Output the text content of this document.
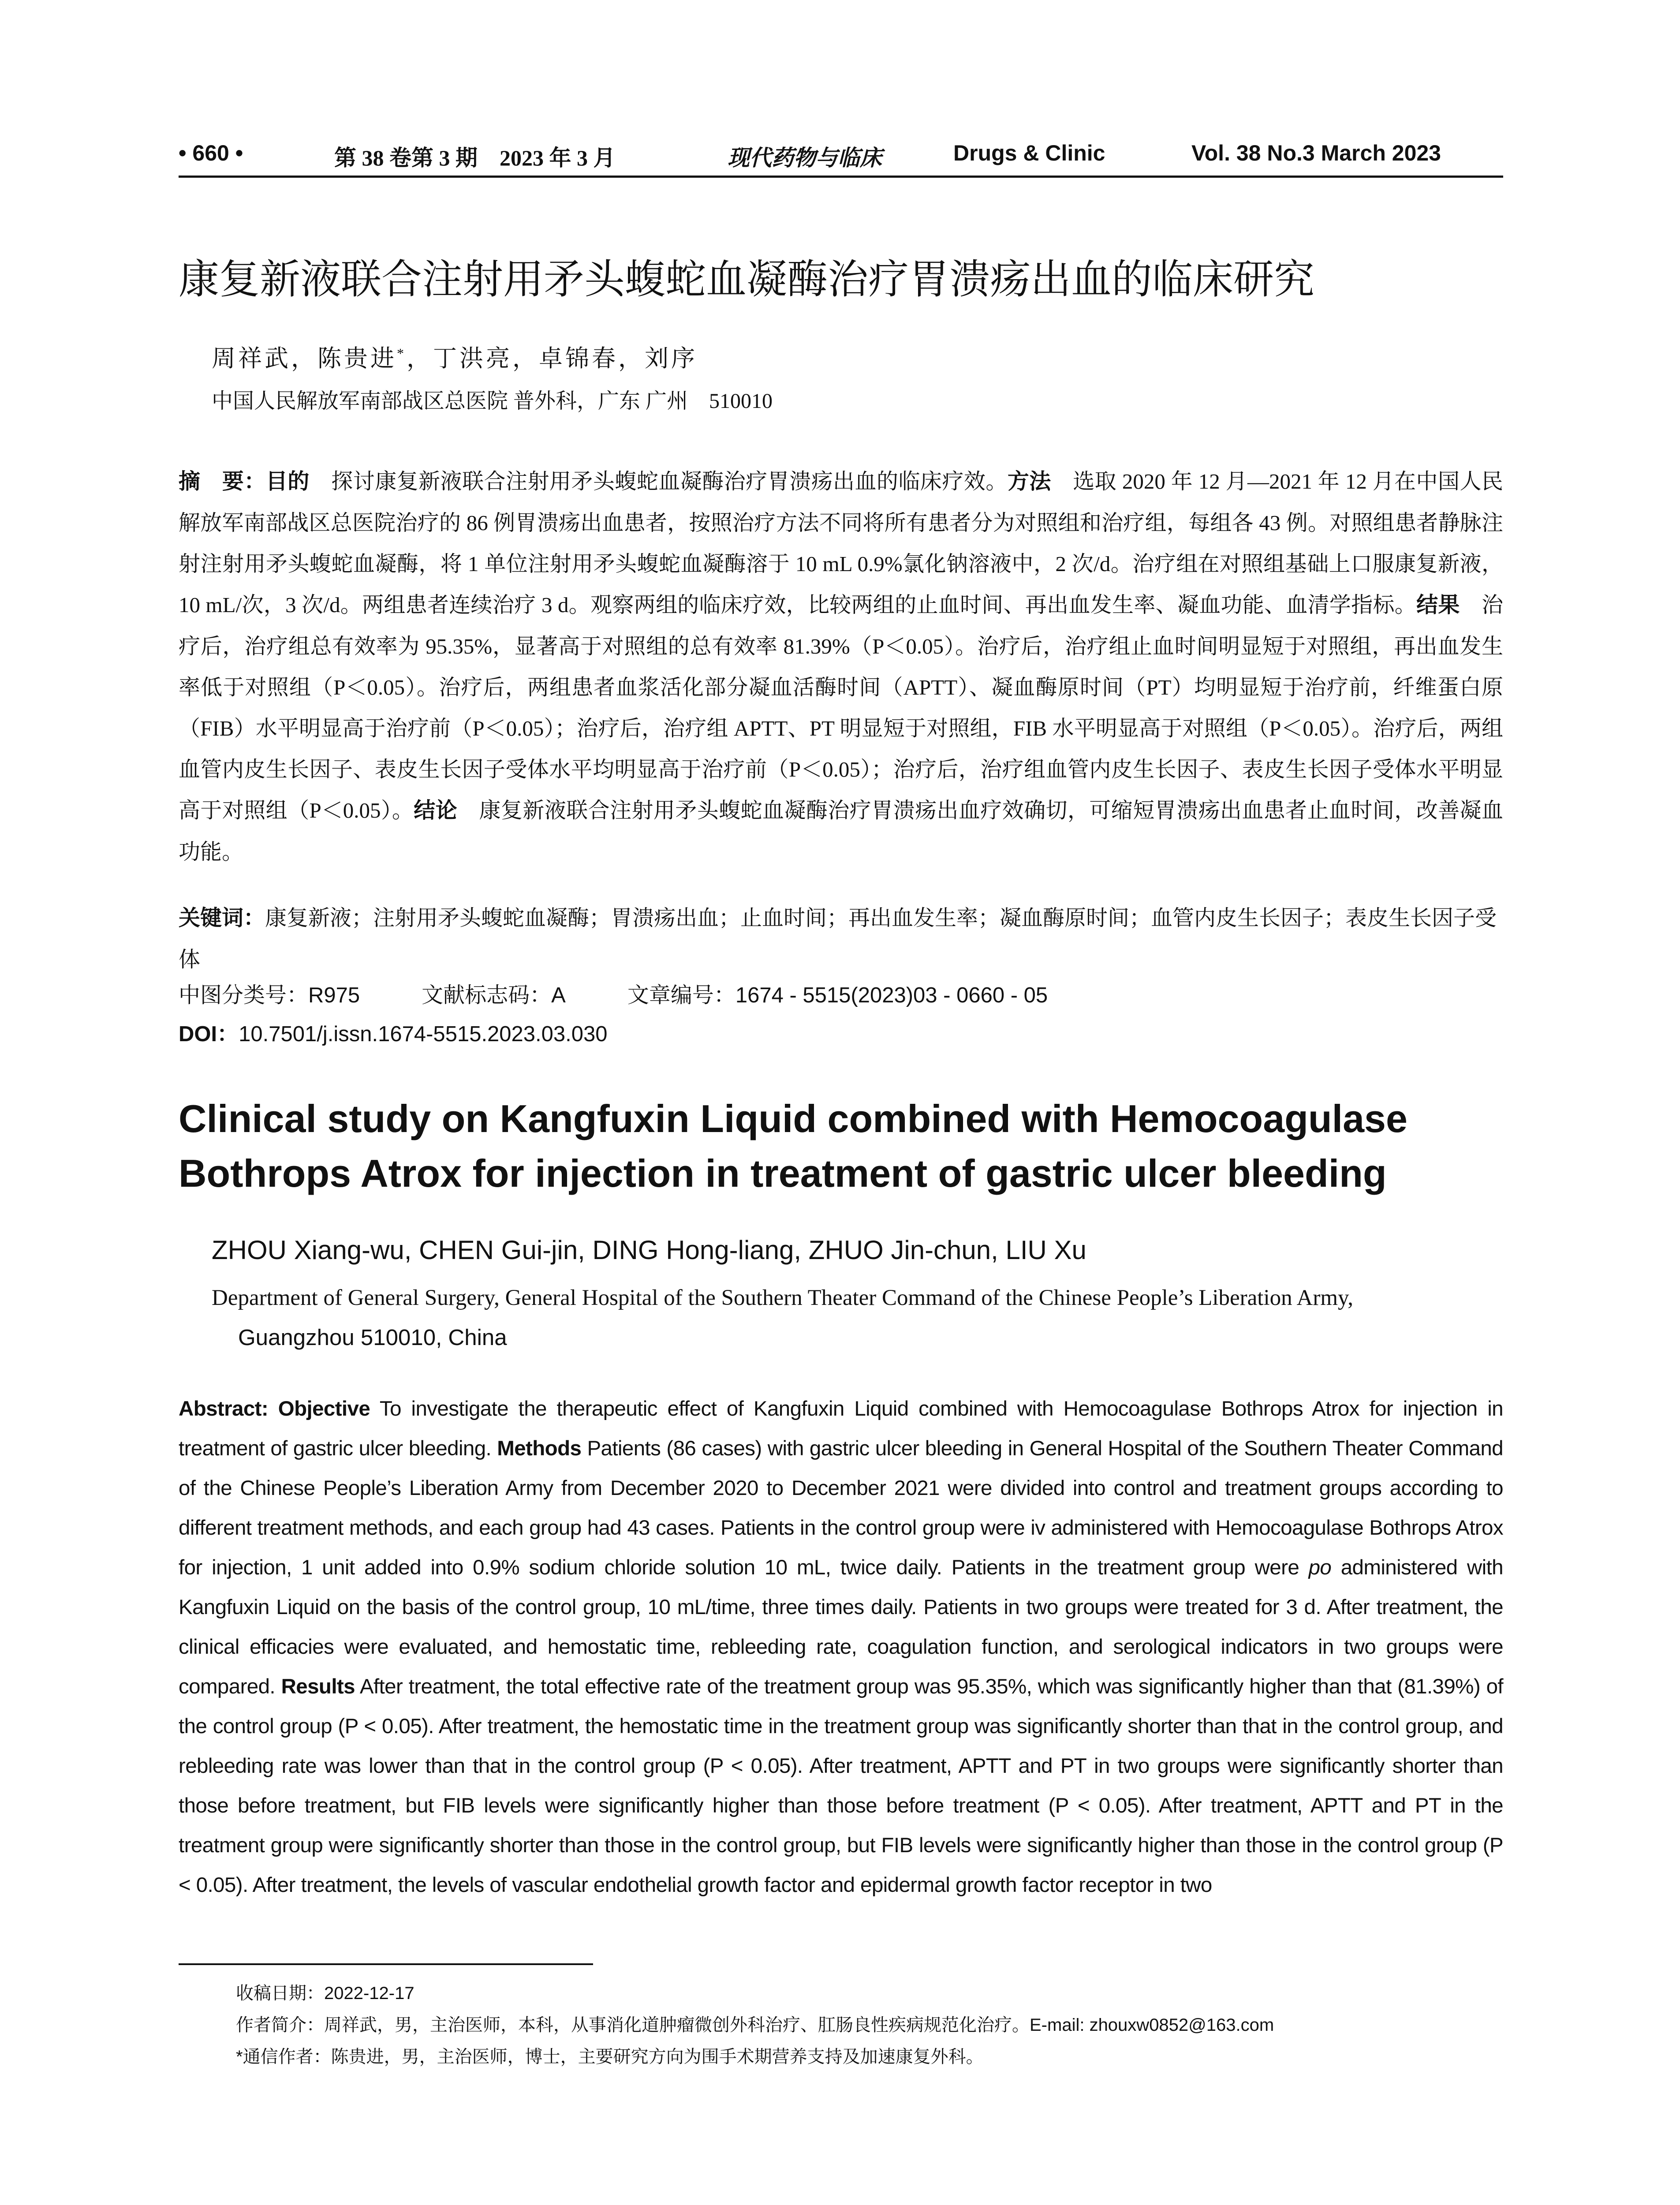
• 660 •	第 38 卷第 3 期　2023 年 3 月	现代药物与临床	Drugs & Clinic	Vol. 38 No.3 March 2023
康复新液联合注射用矛头蝮蛇血凝酶治疗胃溃疡出血的临床研究
周祥武，陈贵进*，丁洪亮，卓锦春，刘序
中国人民解放军南部战区总医院 普外科，广东 广州　510010
摘　要：目的　探讨康复新液联合注射用矛头蝮蛇血凝酶治疗胃溃疡出血的临床疗效。方法　选取 2020 年 12 月—2021 年 12 月在中国人民解放军南部战区总医院治疗的 86 例胃溃疡出血患者，按照治疗方法不同将所有患者分为对照组和治疗组，每组各 43 例。对照组患者静脉注射注射用矛头蝮蛇血凝酶，将 1 单位注射用矛头蝮蛇血凝酶溶于 10 mL 0.9%氯化钠溶液中，2 次/d。治疗组在对照组基础上口服康复新液，10 mL/次，3 次/d。两组患者连续治疗 3 d。观察两组的临床疗效，比较两组的止血时间、再出血发生率、凝血功能、血清学指标。结果　治疗后，治疗组总有效率为 95.35%，显著高于对照组的总有效率 81.39%（P＜0.05）。治疗后，治疗组止血时间明显短于对照组，再出血发生率低于对照组（P＜0.05）。治疗后，两组患者血浆活化部分凝血活酶时间（APTT）、凝血酶原时间（PT）均明显短于治疗前，纤维蛋白原（FIB）水平明显高于治疗前（P＜0.05）；治疗后，治疗组 APTT、PT 明显短于对照组，FIB 水平明显高于对照组（P＜0.05）。治疗后，两组血管内皮生长因子、表皮生长因子受体水平均明显高于治疗前（P＜0.05）；治疗后，治疗组血管内皮生长因子、表皮生长因子受体水平明显高于对照组（P＜0.05）。结论　康复新液联合注射用矛头蝮蛇血凝酶治疗胃溃疡出血疗效确切，可缩短胃溃疡出血患者止血时间，改善凝血功能。
关键词：康复新液；注射用矛头蝮蛇血凝酶；胃溃疡出血；止血时间；再出血发生率；凝血酶原时间；血管内皮生长因子；表皮生长因子受体
中图分类号：R975	文献标志码：A	文章编号：1674 - 5515(2023)03 - 0660 - 05
DOI：10.7501/j.issn.1674-5515.2023.03.030
Clinical study on Kangfuxin Liquid combined with Hemocoagulase Bothrops Atrox for injection in treatment of gastric ulcer bleeding
ZHOU Xiang-wu, CHEN Gui-jin, DING Hong-liang, ZHUO Jin-chun, LIU Xu
Department of General Surgery, General Hospital of the Southern Theater Command of the Chinese People’s Liberation Army,
Guangzhou 510010, China
Abstract: Objective To investigate the therapeutic effect of Kangfuxin Liquid combined with Hemocoagulase Bothrops Atrox for injection in treatment of gastric ulcer bleeding. Methods Patients (86 cases) with gastric ulcer bleeding in General Hospital of the Southern Theater Command of the Chinese People’s Liberation Army from December 2020 to December 2021 were divided into control and treatment groups according to different treatment methods, and each group had 43 cases. Patients in the control group were iv administered with Hemocoagulase Bothrops Atrox for injection, 1 unit added into 0.9% sodium chloride solution 10 mL, twice daily. Patients in the treatment group were po administered with Kangfuxin Liquid on the basis of the control group, 10 mL/time, three times daily. Patients in two groups were treated for 3 d. After treatment, the clinical efficacies were evaluated, and hemostatic time, rebleeding rate, coagulation function, and serological indicators in two groups were compared. Results After treatment, the total effective rate of the treatment group was 95.35%, which was significantly higher than that (81.39%) of the control group (P < 0.05). After treatment, the hemostatic time in the treatment group was significantly shorter than that in the control group, and rebleeding rate was lower than that in the control group (P < 0.05). After treatment, APTT and PT in two groups were significantly shorter than those before treatment, but FIB levels were significantly higher than those before treatment (P < 0.05). After treatment, APTT and PT in the treatment group were significantly shorter than those in the control group, but FIB levels were significantly higher than those in the control group (P < 0.05). After treatment, the levels of vascular endothelial growth factor and epidermal growth factor receptor in two
收稿日期：2022-12-17
作者简介：周祥武，男，主治医师，本科，从事消化道肿瘤微创外科治疗、肛肠良性疾病规范化治疗。E-mail: zhouxw0852@163.com
*通信作者：陈贵进，男，主治医师，博士，主要研究方向为围手术期营养支持及加速康复外科。
